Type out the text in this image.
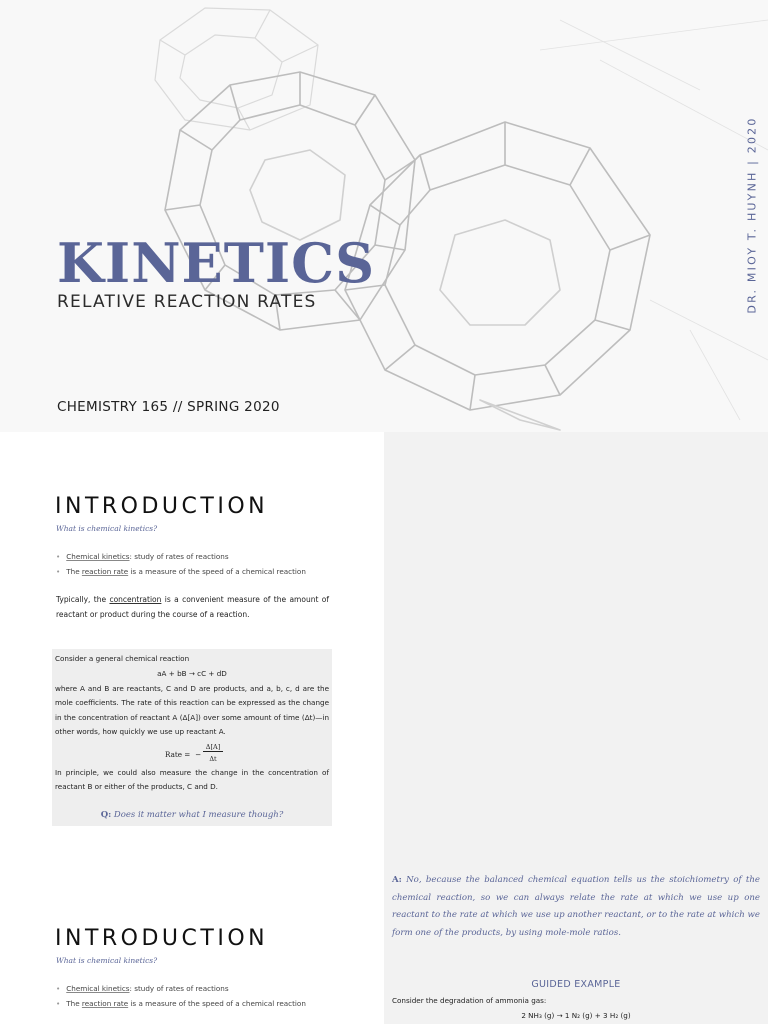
KINETICS
RELATIVE REACTION RATES
CHEMISTRY 165 // SPRING 2020
DR. MIOY T. HUYNH | 2020
INTRODUCTION
What is chemical kinetics?
• Chemical kinetics: study of rates of reactions
• The reaction rate is a measure of the speed of a chemical reaction
Typically, the concentration is a convenient measure of the amount of reactant or product during the course of a reaction.
Consider a general chemical reaction
aA + bB → cC + dD
where A and B are reactants, C and D are products, and a, b, c, d are the mole coefficients. The rate of this reaction can be expressed as the change in the concentration of reactant A (Δ[A]) over some amount of time (Δt)—in other words, how quickly we use up reactant A.
Rate = −
Δ[A]
Δt
In principle, we could also measure the change in the concentration of reactant B or either of the products, C and D.
Q: Does it matter what I measure though?
INTRODUCTION
What is chemical kinetics?
• Chemical kinetics: study of rates of reactions
• The reaction rate is a measure of the speed of a chemical reaction
A: No, because the balanced chemical equation tells us the stoichiometry of the chemical reaction, so we can always relate the rate at which we use up one reactant to the rate at which we use up another reactant, or to the rate at which we form one of the products, by using mole-mole ratios.
GUIDED EXAMPLE
Consider the degradation of ammonia gas:
2 NH₃ (g) → 1 N₂ (g) + 3 H₂ (g)
